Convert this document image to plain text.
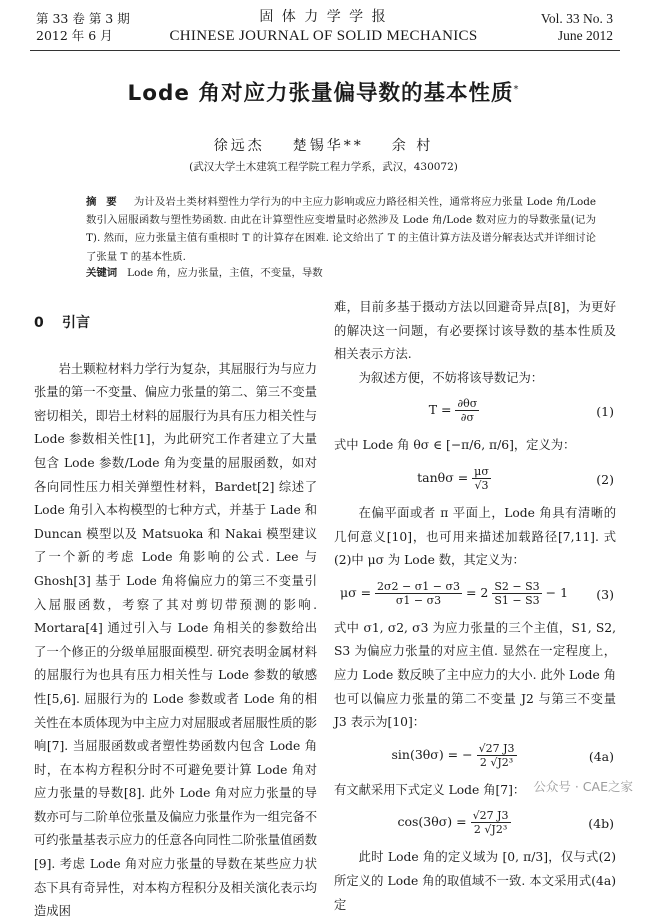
第 33 卷 第 3 期
2012 年 6 月
固 体 力 学 学 报
CHINESE JOURNAL OF SOLID MECHANICS
Vol. 33 No. 3
June 2012
Lode 角对应力张量偏导数的基本性质*
徐远杰 楚锡华** 余 村
(武汉大学土木建筑工程学院工程力学系，武汉，430072)
摘 要 为计及岩土类材料塑性力学行为的中主应力影响或应力路径相关性，通常将应力张量 Lode 角/Lode 数引入屈服函数与塑性势函数. 由此在计算塑性应变增量时必然涉及 Lode 角/Lode 数对应力的导数张量(记为 T). 然而，应力张量主值有重根时 T 的计算存在困难. 论文给出了 T 的主值计算方法及谱分解表达式并详细讨论了张量 T 的基本性质.
关键词 Lode 角，应力张量，主值，不变量，导数
0 引言

岩土颗粒材料力学行为复杂，其屈服行为与应力张量的第一不变量、偏应力张量的第二、第三不变量密切相关，即岩土材料的屈服行为具有压力相关性与 Lode 参数相关性[1]，为此研究工作者建立了大量包含 Lode 参数/Lode 角为变量的屈服函数，如对各向同性压力相关弹塑性材料，Bardet[2] 综述了 Lode 角引入本构模型的七种方式，并基于 Lade 和 Duncan 模型以及 Matsuoka 和 Nakai 模型建议了一个新的考虑 Lode 角影响的公式. Lee 与 Ghosh[3] 基于 Lode 角将偏应力的第三不变量引入屈服函数，考察了其对剪切带预测的影响. Mortara[4] 通过引入与 Lode 角相关的参数给出了一个修正的分级单屈服面模型. 研究表明金属材料的屈服行为也具有压力相关性与 Lode 参数的敏感性[5,6]. 屈服行为的 Lode 参数或者 Lode 角的相关性在本质体现为中主应力对屈服或者屈服性质的影响[7]. 当屈服函数或者塑性势函数内包含 Lode 角时，在本构方程积分时不可避免要计算 Lode 角对应力张量的导数[8]. 此外 Lode 角对应力张量的导数亦可与二阶单位张量及偏应力张量作为一组完备不可约张量基表示应力的任意各向同性二阶张量值函数[9]. 考虑 Lode 角对应力张量的导数在某些应力状态下具有奇异性，对本构方程积分及相关演化表示均造成困

难，目前多基于摄动方法以回避奇异点[8]，为更好的解决这一问题，有必要探讨该导数的基本性质及相关表示方法.

为叙述方便，不妨将该导数记为：

$T = \frac{\partial\theta\sigma}{\partial\sigma}$	(1)

式中 Lode 角 θσ ∈ [−π/6, π/6]，定义为：

$\tan\theta\sigma = \frac{\mu\sigma}{√3}$	(2)

在偏平面或者 π 平面上，Lode 角具有清晰的几何意义[10]，也可用来描述加载路径[7,11]. 式(2)中 μσ 为 Lode 数，其定义为：

$\mu\sigma = \frac{2\sigma 2 - \sigma 1 - \sigma 3}{\sigma 1 - \sigma 3} = 2 \frac{S2 - S3}{S1 - S3} - 1$	(3)

式中 σ1, σ2, σ3 为应力张量的三个主值，S1, S2, S3 为偏应力张量的对应主值. 显然在一定程度上，应力 Lode 数反映了主中应力的大小. 此外 Lode 角也可以偏应力张量的第二不变量 J2 与第三不变量 J3 表示为[10]：

sin(3θσ) = − $\frac{√27 J3}{\text{2 √J2³}}$	(4a)

有文献采用下式定义 Lode 角[7]：

$\cos(3\theta\sigma) = \frac{√27 J3}{\text{2 √J2³}}$	(4b)

此时 Lode 角的定义域为 [0, π/3]，仅与式(2)所定义的 Lode 角的取值域不一致. 本文采用式(4a)定

公众号 · CAE之家
